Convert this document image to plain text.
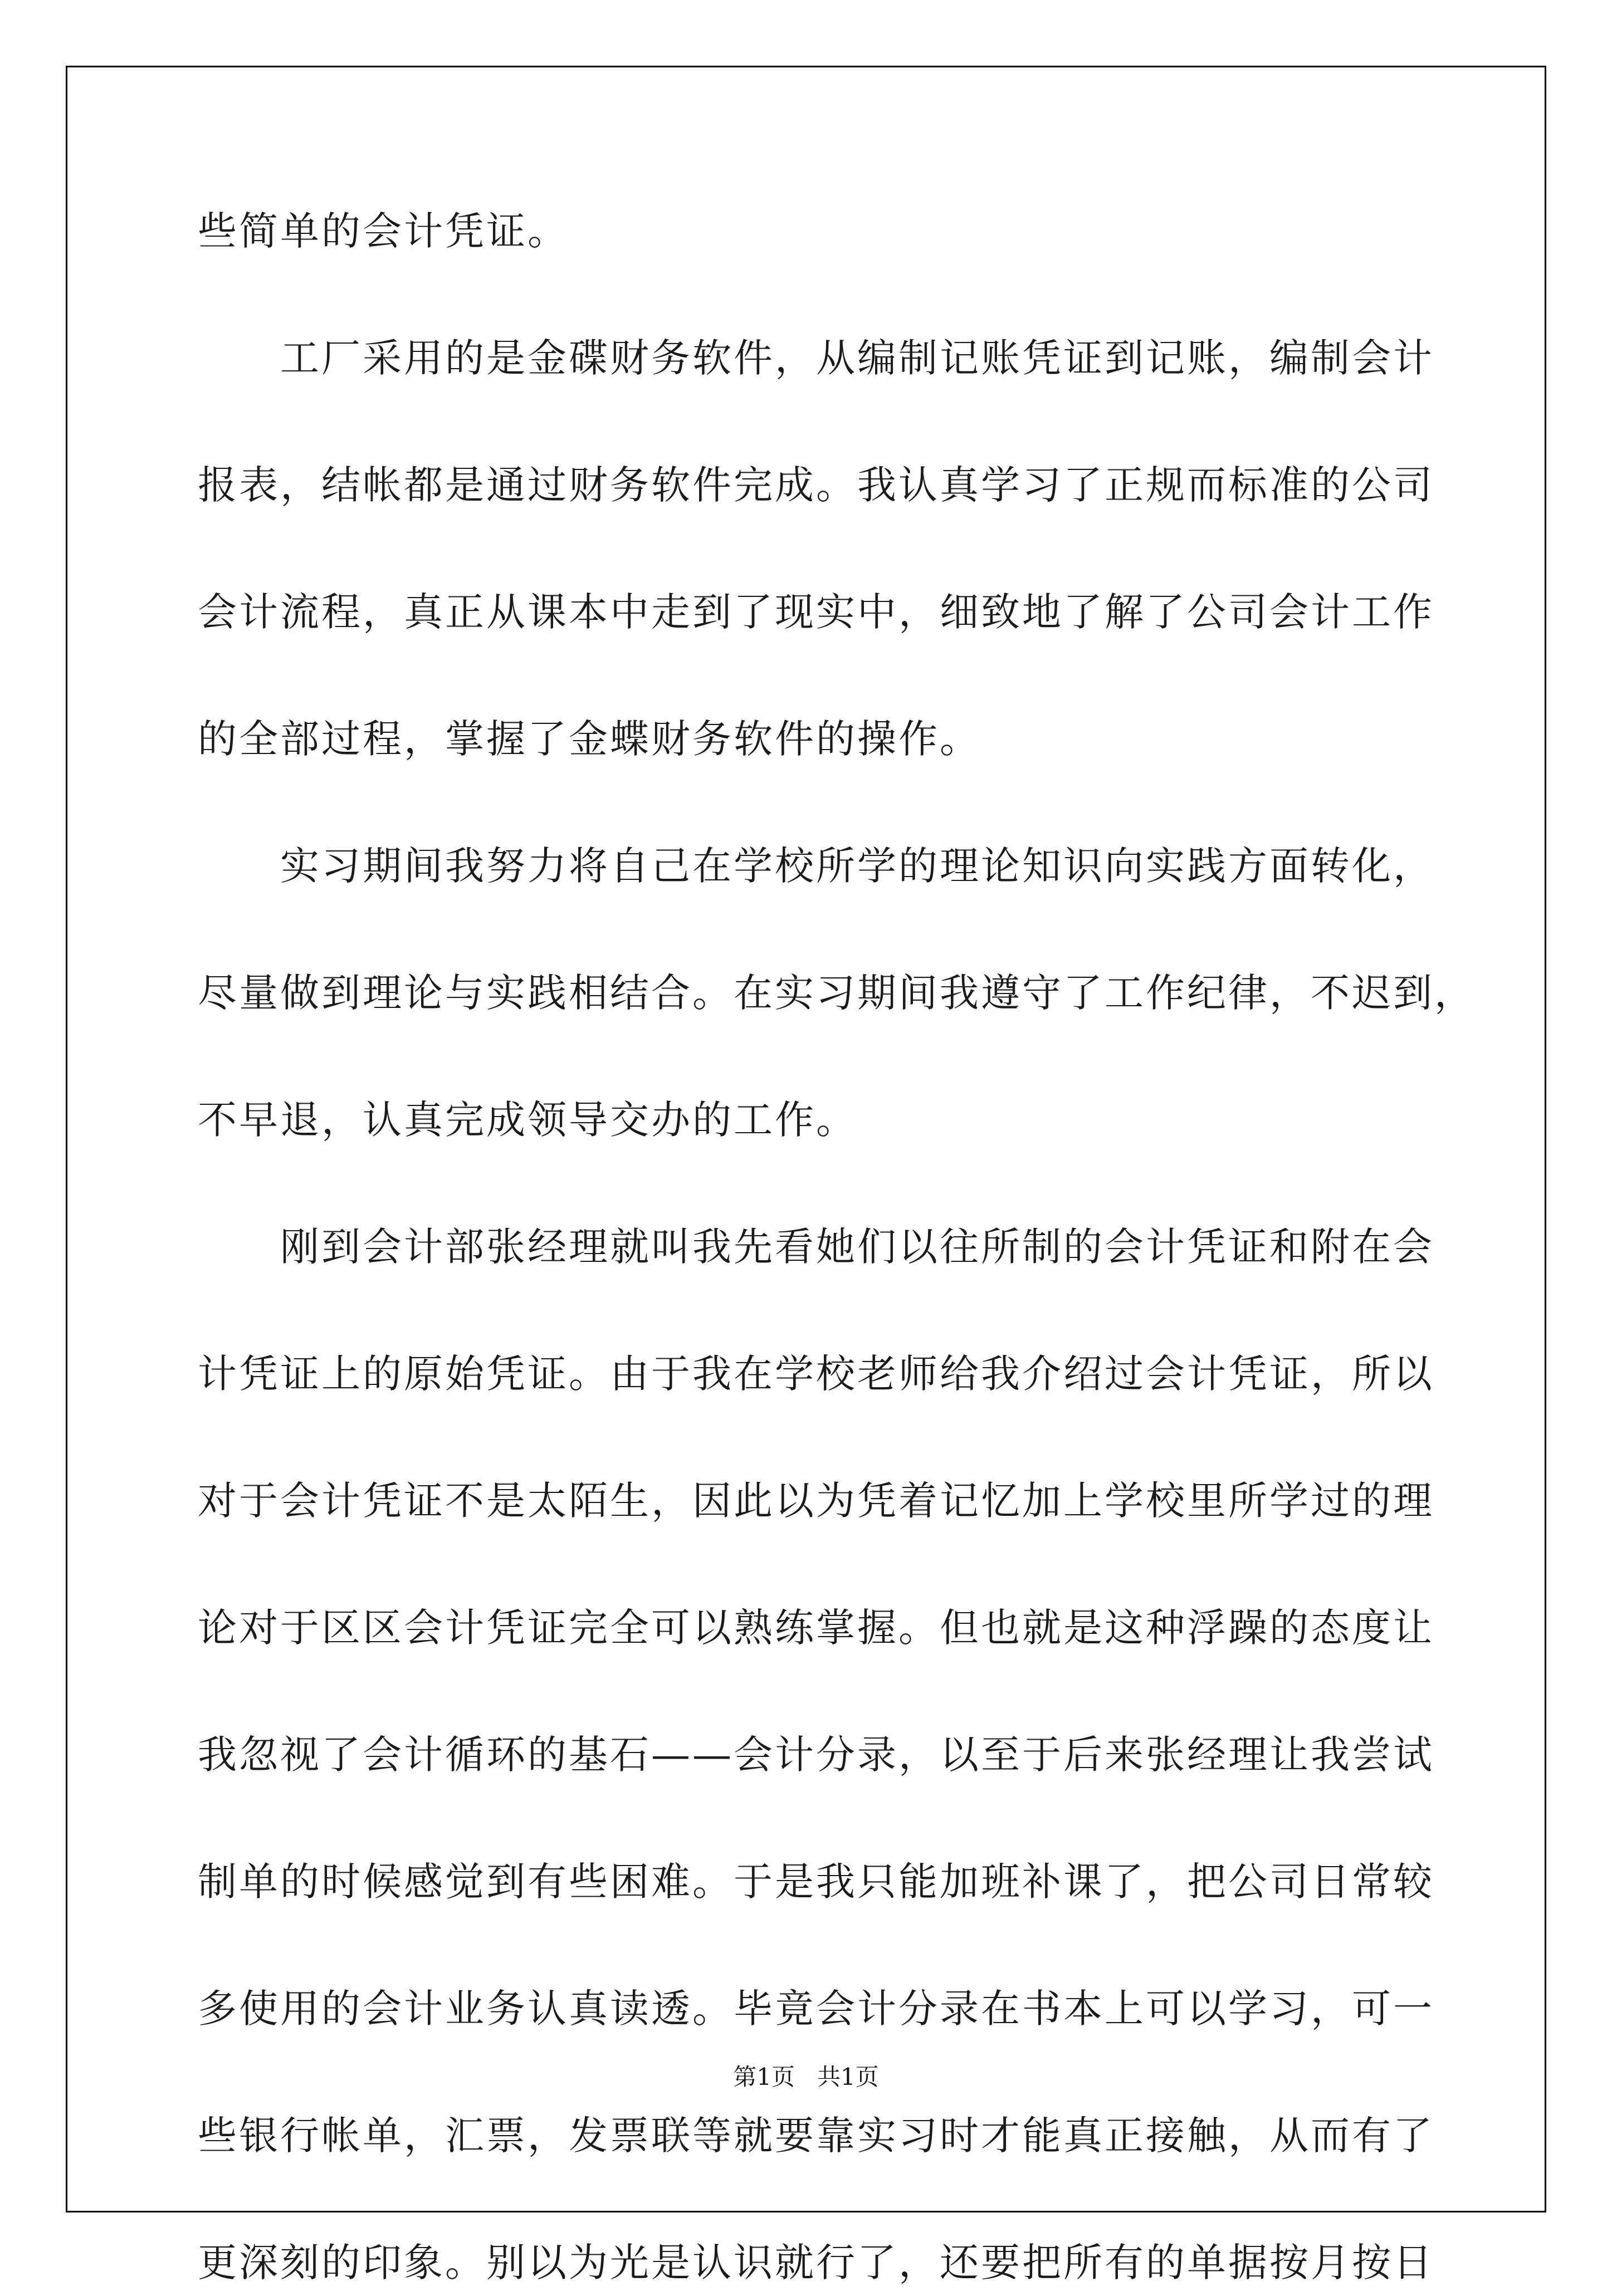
些简单的会计凭证。
工厂采用的是金碟财务软件，从编制记账凭证到记账，编制会计
报表，结帐都是通过财务软件完成。我认真学习了正规而标准的公司
会计流程，真正从课本中走到了现实中，细致地了解了公司会计工作
的全部过程，掌握了金蝶财务软件的操作。
实习期间我努力将自己在学校所学的理论知识向实践方面转化，
尽量做到理论与实践相结合。在实习期间我遵守了工作纪律，不迟到，
不早退，认真完成领导交办的工作。
刚到会计部张经理就叫我先看她们以往所制的会计凭证和附在会
计凭证上的原始凭证。由于我在学校老师给我介绍过会计凭证，所以
对于会计凭证不是太陌生，因此以为凭着记忆加上学校里所学过的理
论对于区区会计凭证完全可以熟练掌握。但也就是这种浮躁的态度让
我忽视了会计循环的基石——会计分录，以至于后来张经理让我尝试
制单的时候感觉到有些困难。于是我只能加班补课了，把公司日常较
多使用的会计业务认真读透。毕竟会计分录在书本上可以学习，可一
些银行帐单，汇票，发票联等就要靠实习时才能真正接触，从而有了
更深刻的印象。别以为光是认识就行了，还要把所有的单据按月按日
第1页   共1页
